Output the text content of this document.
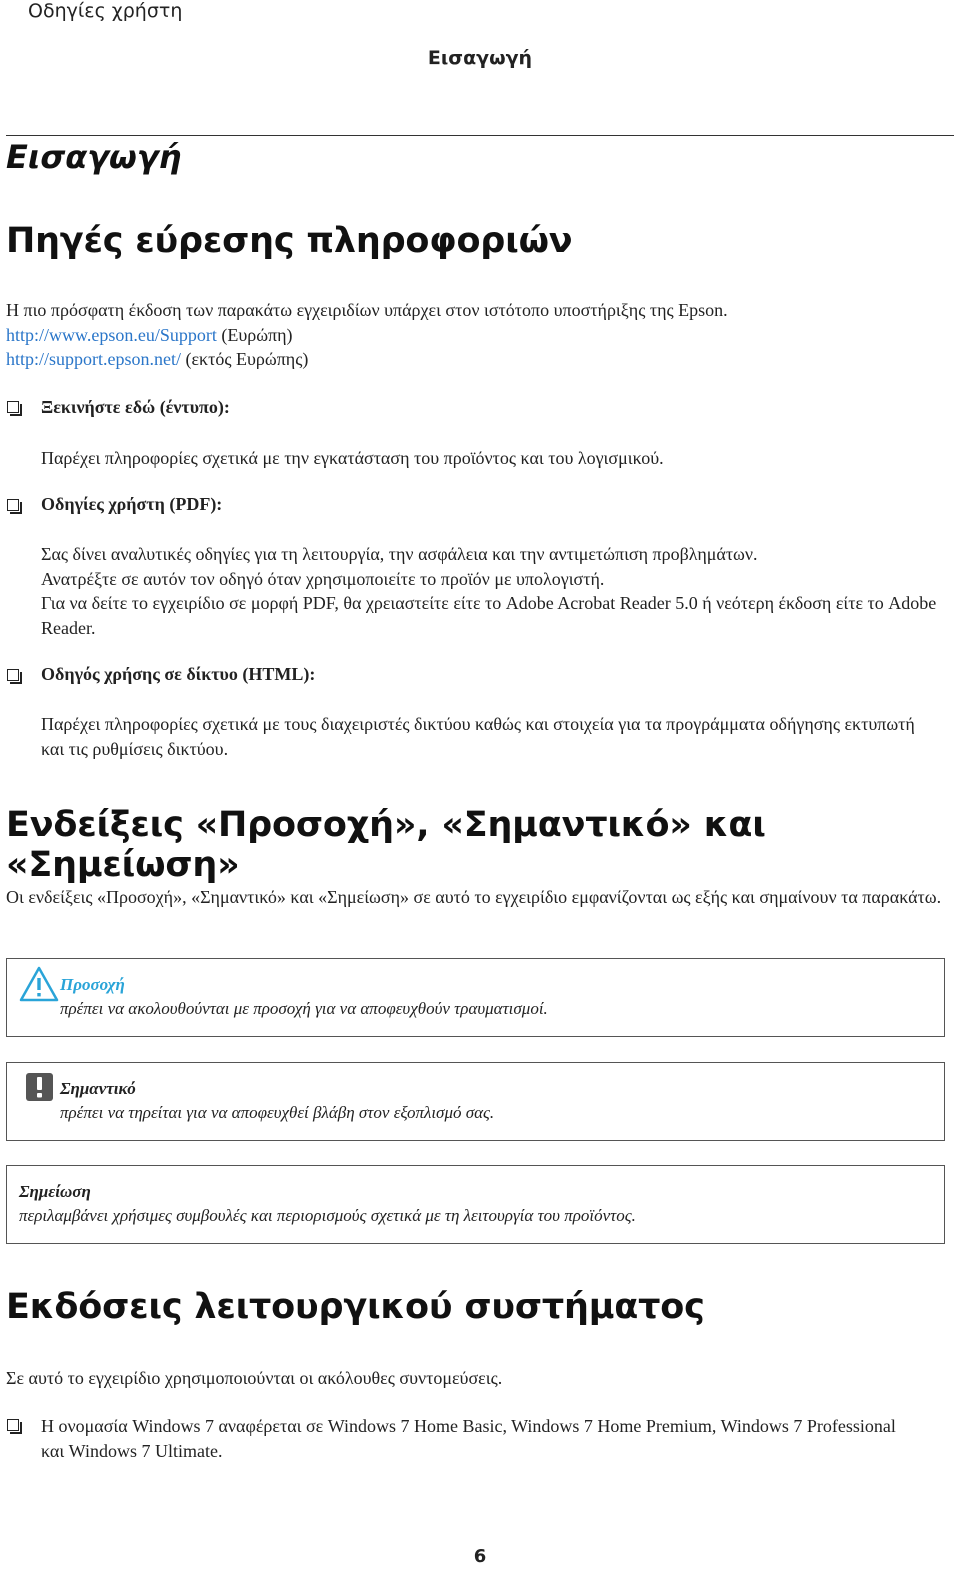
Οδηγίες χρήστη
Εισαγωγή
Εισαγωγή
Πηγές εύρεσης πληροφοριών
Η πιο πρόσφατη έκδοση των παρακάτω εγχειριδίων υπάρχει στον ιστότοπο υποστήριξης της Epson.
http://www.epson.eu/Support (Ευρώπη)
http://support.epson.net/ (εκτός Ευρώπης)
Ξεκινήστε εδώ (έντυπο):
Παρέχει πληροφορίες σχετικά με την εγκατάσταση του προϊόντος και του λογισμικού.
Οδηγίες χρήστη (PDF):
Σας δίνει αναλυτικές οδηγίες για τη λειτουργία, την ασφάλεια και την αντιμετώπιση προβλημάτων.
Ανατρέξτε σε αυτόν τον οδηγό όταν χρησιμοποιείτε το προϊόν με υπολογιστή.
Για να δείτε το εγχειρίδιο σε μορφή PDF, θα χρειαστείτε είτε το Adobe Acrobat Reader 5.0 ή νεότερη έκδοση είτε το Adobe Reader.
Οδηγός χρήσης σε δίκτυο (HTML):
Παρέχει πληροφορίες σχετικά με τους διαχειριστές δικτύου καθώς και στοιχεία για τα προγράμματα οδήγησης εκτυπωτή και τις ρυθμίσεις δικτύου.
Ενδείξεις «Προσοχή», «Σημαντικό» και «Σημείωση»
Οι ενδείξεις «Προσοχή», «Σημαντικό» και «Σημείωση» σε αυτό το εγχειρίδιο εμφανίζονται ως εξής και σημαίνουν τα παρακάτω.
Προσοχή
πρέπει να ακολουθούνται με προσοχή για να αποφευχθούν τραυματισμοί.
Σημαντικό
πρέπει να τηρείται για να αποφευχθεί βλάβη στον εξοπλισμό σας.
Σημείωση
περιλαμβάνει χρήσιμες συμβουλές και περιορισμούς σχετικά με τη λειτουργία του προϊόντος.
Εκδόσεις λειτουργικού συστήματος
Σε αυτό το εγχειρίδιο χρησιμοποιούνται οι ακόλουθες συντομεύσεις.
Η ονομασία Windows 7 αναφέρεται σε Windows 7 Home Basic, Windows 7 Home Premium, Windows 7 Professional και Windows 7 Ultimate.
6
